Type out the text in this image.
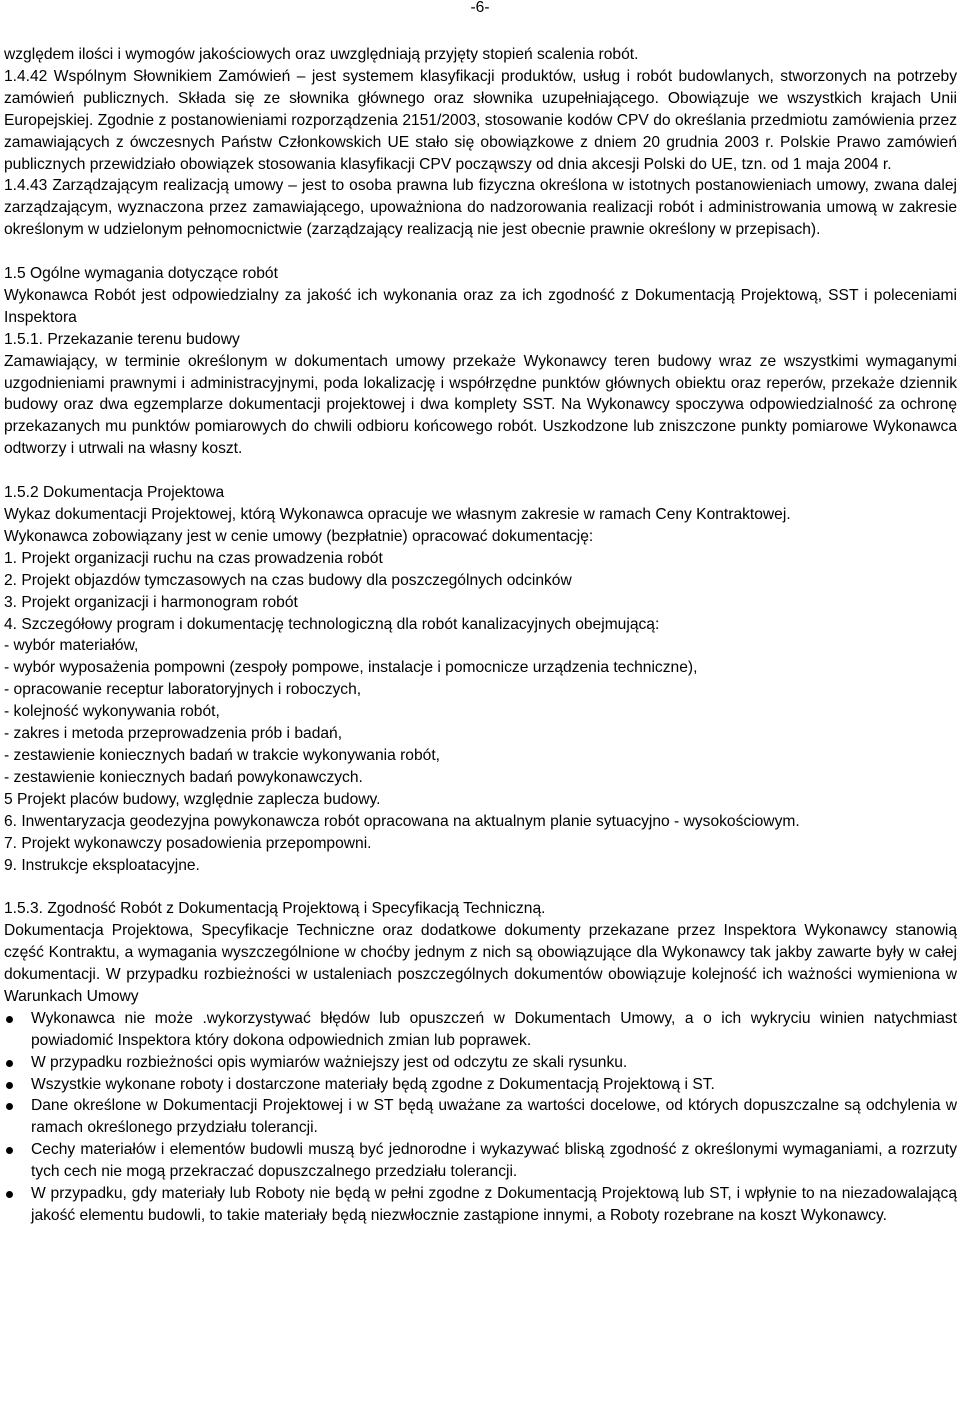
-6-

względem ilości i wymogów jakościowych oraz uwzględniają przyjęty stopień scalenia robót.

1.4.42 Wspólnym Słownikiem Zamówień – jest systemem klasyfikacji produktów, usług i robót budowlanych, stworzonych na potrzeby zamówień publicznych. Składa się ze słownika głównego oraz słownika uzupełniającego. Obowiązuje we wszystkich krajach Unii Europejskiej. Zgodnie z postanowieniami rozporządzenia 2151/2003, stosowanie kodów CPV do określania przedmiotu zamówienia przez zamawiających z ówczesnych Państw Członkowskich UE stało się obowiązkowe z dniem 20 grudnia 2003 r. Polskie Prawo zamówień publicznych przewidziało obowiązek stosowania klasyfikacji CPV począwszy od dnia akcesji Polski do UE, tzn. od 1 maja 2004 r.

1.4.43 Zarządzającym realizacją umowy – jest to osoba prawna lub fizyczna określona w istotnych postanowieniach umowy, zwana dalej zarządzającym, wyznaczona przez zamawiającego, upoważniona do nadzorowania realizacji robót i administrowania umową w zakresie określonym w udzielonym pełnomocnictwie (zarządzający realizacją nie jest obecnie prawnie określony w przepisach).

1.5 Ogólne wymagania dotyczące robót

Wykonawca Robót jest odpowiedzialny za jakość ich wykonania oraz za ich zgodność z Dokumentacją Projektową, SST i poleceniami Inspektora

1.5.1. Przekazanie terenu budowy

Zamawiający, w terminie określonym w dokumentach umowy przekaże Wykonawcy teren budowy wraz ze wszystkimi wymaganymi uzgodnieniami prawnymi i administracyjnymi, poda lokalizację i współrzędne punktów głównych obiektu oraz reperów, przekaże dziennik budowy oraz dwa egzemplarze dokumentacji projektowej i dwa komplety SST. Na Wykonawcy spoczywa odpowiedzialność za ochronę przekazanych mu punktów pomiarowych do chwili odbioru końcowego robót. Uszkodzone lub zniszczone punkty pomiarowe Wykonawca odtworzy i utrwali na własny koszt.

1.5.2 Dokumentacja Projektowa

Wykaz dokumentacji Projektowej, którą Wykonawca opracuje we własnym zakresie w ramach Ceny Kontraktowej.

Wykonawca zobowiązany jest w cenie umowy (bezpłatnie) opracować dokumentację:

1. Projekt organizacji ruchu na czas prowadzenia robót

2. Projekt objazdów tymczasowych na czas budowy dla poszczególnych odcinków

3. Projekt organizacji i harmonogram robót

4. Szczegółowy program i dokumentację technologiczną dla robót kanalizacyjnych obejmującą:

- wybór materiałów,

- wybór wyposażenia pompowni (zespoły pompowe, instalacje i pomocnicze urządzenia techniczne),

- opracowanie receptur laboratoryjnych i roboczych,

- kolejność wykonywania robót,

- zakres i metoda przeprowadzenia prób i badań,

- zestawienie koniecznych badań w trakcie wykonywania robót,

- zestawienie koniecznych badań powykonawczych.

5 Projekt placów budowy, względnie zaplecza budowy.

6. Inwentaryzacja geodezyjna powykonawcza robót opracowana na aktualnym planie sytuacyjno - wysokościowym.

7. Projekt wykonawczy posadowienia przepompowni.

9. Instrukcje eksploatacyjne.

1.5.3. Zgodność Robót z Dokumentacją Projektową i Specyfikacją Techniczną.

Dokumentacja Projektowa, Specyfikacje Techniczne oraz dodatkowe dokumenty przekazane przez Inspektora Wykonawcy stanowią część Kontraktu, a wymagania wyszczególnione w choćby jednym z nich są obowiązujące dla Wykonawcy tak jakby zawarte były w całej dokumentacji. W przypadku rozbieżności w ustaleniach poszczególnych dokumentów obowiązuje kolejność ich ważności wymieniona w Warunkach Umowy

Wykonawca nie może .wykorzystywać błędów lub opuszczeń w Dokumentach Umowy, a o ich wykryciu winien natychmiast powiadomić Inspektora który dokona odpowiednich zmian lub poprawek.
W przypadku rozbieżności opis wymiarów ważniejszy jest od odczytu ze skali rysunku.
Wszystkie wykonane roboty i dostarczone materiały będą zgodne z Dokumentacją Projektową i ST.
Dane określone w Dokumentacji Projektowej i w ST będą uważane za wartości docelowe, od których dopuszczalne są odchylenia w ramach określonego przydziału tolerancji.
Cechy materiałów i elementów budowli muszą być jednorodne i wykazywać bliską zgodność z określonymi wymaganiami, a rozrzuty tych cech nie mogą przekraczać dopuszczalnego przedziału tolerancji.
W przypadku, gdy materiały lub Roboty nie będą w pełni zgodne z Dokumentacją Projektową lub ST, i wpłynie to na niezadowalającą jakość elementu budowli, to takie materiały będą niezwłocznie zastąpione innymi, a Roboty rozebrane na koszt Wykonawcy.
